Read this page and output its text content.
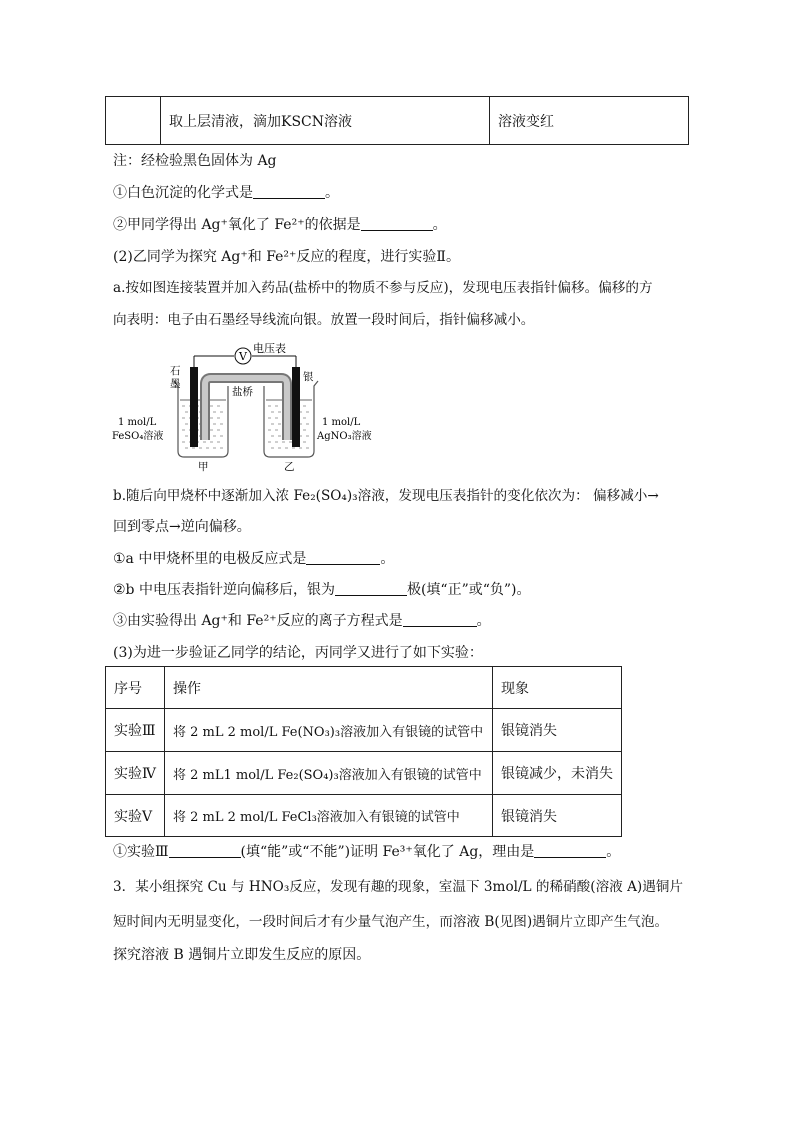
	取上层清液，滴加KSCN溶液	溶液变红
注：经检验黑色固体为 Ag
①白色沉淀的化学式是	。
②甲同学得出 Ag⁺氧化了 Fe²⁺的依据是	。
(2)乙同学为探究 Ag⁺和 Fe²⁺反应的程度，进行实验Ⅱ。
a.按如图连接装置并加入药品(盐桥中的物质不参与反应)，发现电压表指针偏移。偏移的方
向表明：电子由石墨经导线流向银。放置一段时间后，指针偏移减小。
V
电压表
石
墨
银
盐桥
1 mol/L
FeSO₄溶液
1 mol/L
AgNO₃溶液
甲	乙
b.随后向甲烧杯中逐渐加入浓 Fe₂(SO₄)₃溶液，发现电压表指针的变化依次为： 偏移减小→
回到零点→逆向偏移。
①a 中甲烧杯里的电极反应式是	。
②b 中电压表指针逆向偏移后，银为	极(填“正”或“负”)。
③由实验得出 Ag⁺和 Fe²⁺反应的离子方程式是	。
(3)为进一步验证乙同学的结论，丙同学又进行了如下实验：
序号	操作	现象
实验Ⅲ	将 2 mL 2 mol/L Fe(NO₃)₃溶液加入有银镜的试管中	银镜消失
实验Ⅳ	将 2 mL1 mol/L Fe₂(SO₄)₃溶液加入有银镜的试管中	银镜减少，未消失
实验Ⅴ	将 2 mL 2 mol/L FeCl₃溶液加入有银镜的试管中	银镜消失
①实验Ⅲ	(填“能”或“不能”)证明 Fe³⁺氧化了 Ag，理由是	。
3．某小组探究 Cu 与 HNO₃反应，发现有趣的现象，室温下 3mol/L 的稀硝酸(溶液 A)遇铜片
短时间内无明显变化，一段时间后才有少量气泡产生，而溶液 B(见图)遇铜片立即产生气泡。
探究溶液 B 遇铜片立即发生反应的原因。
